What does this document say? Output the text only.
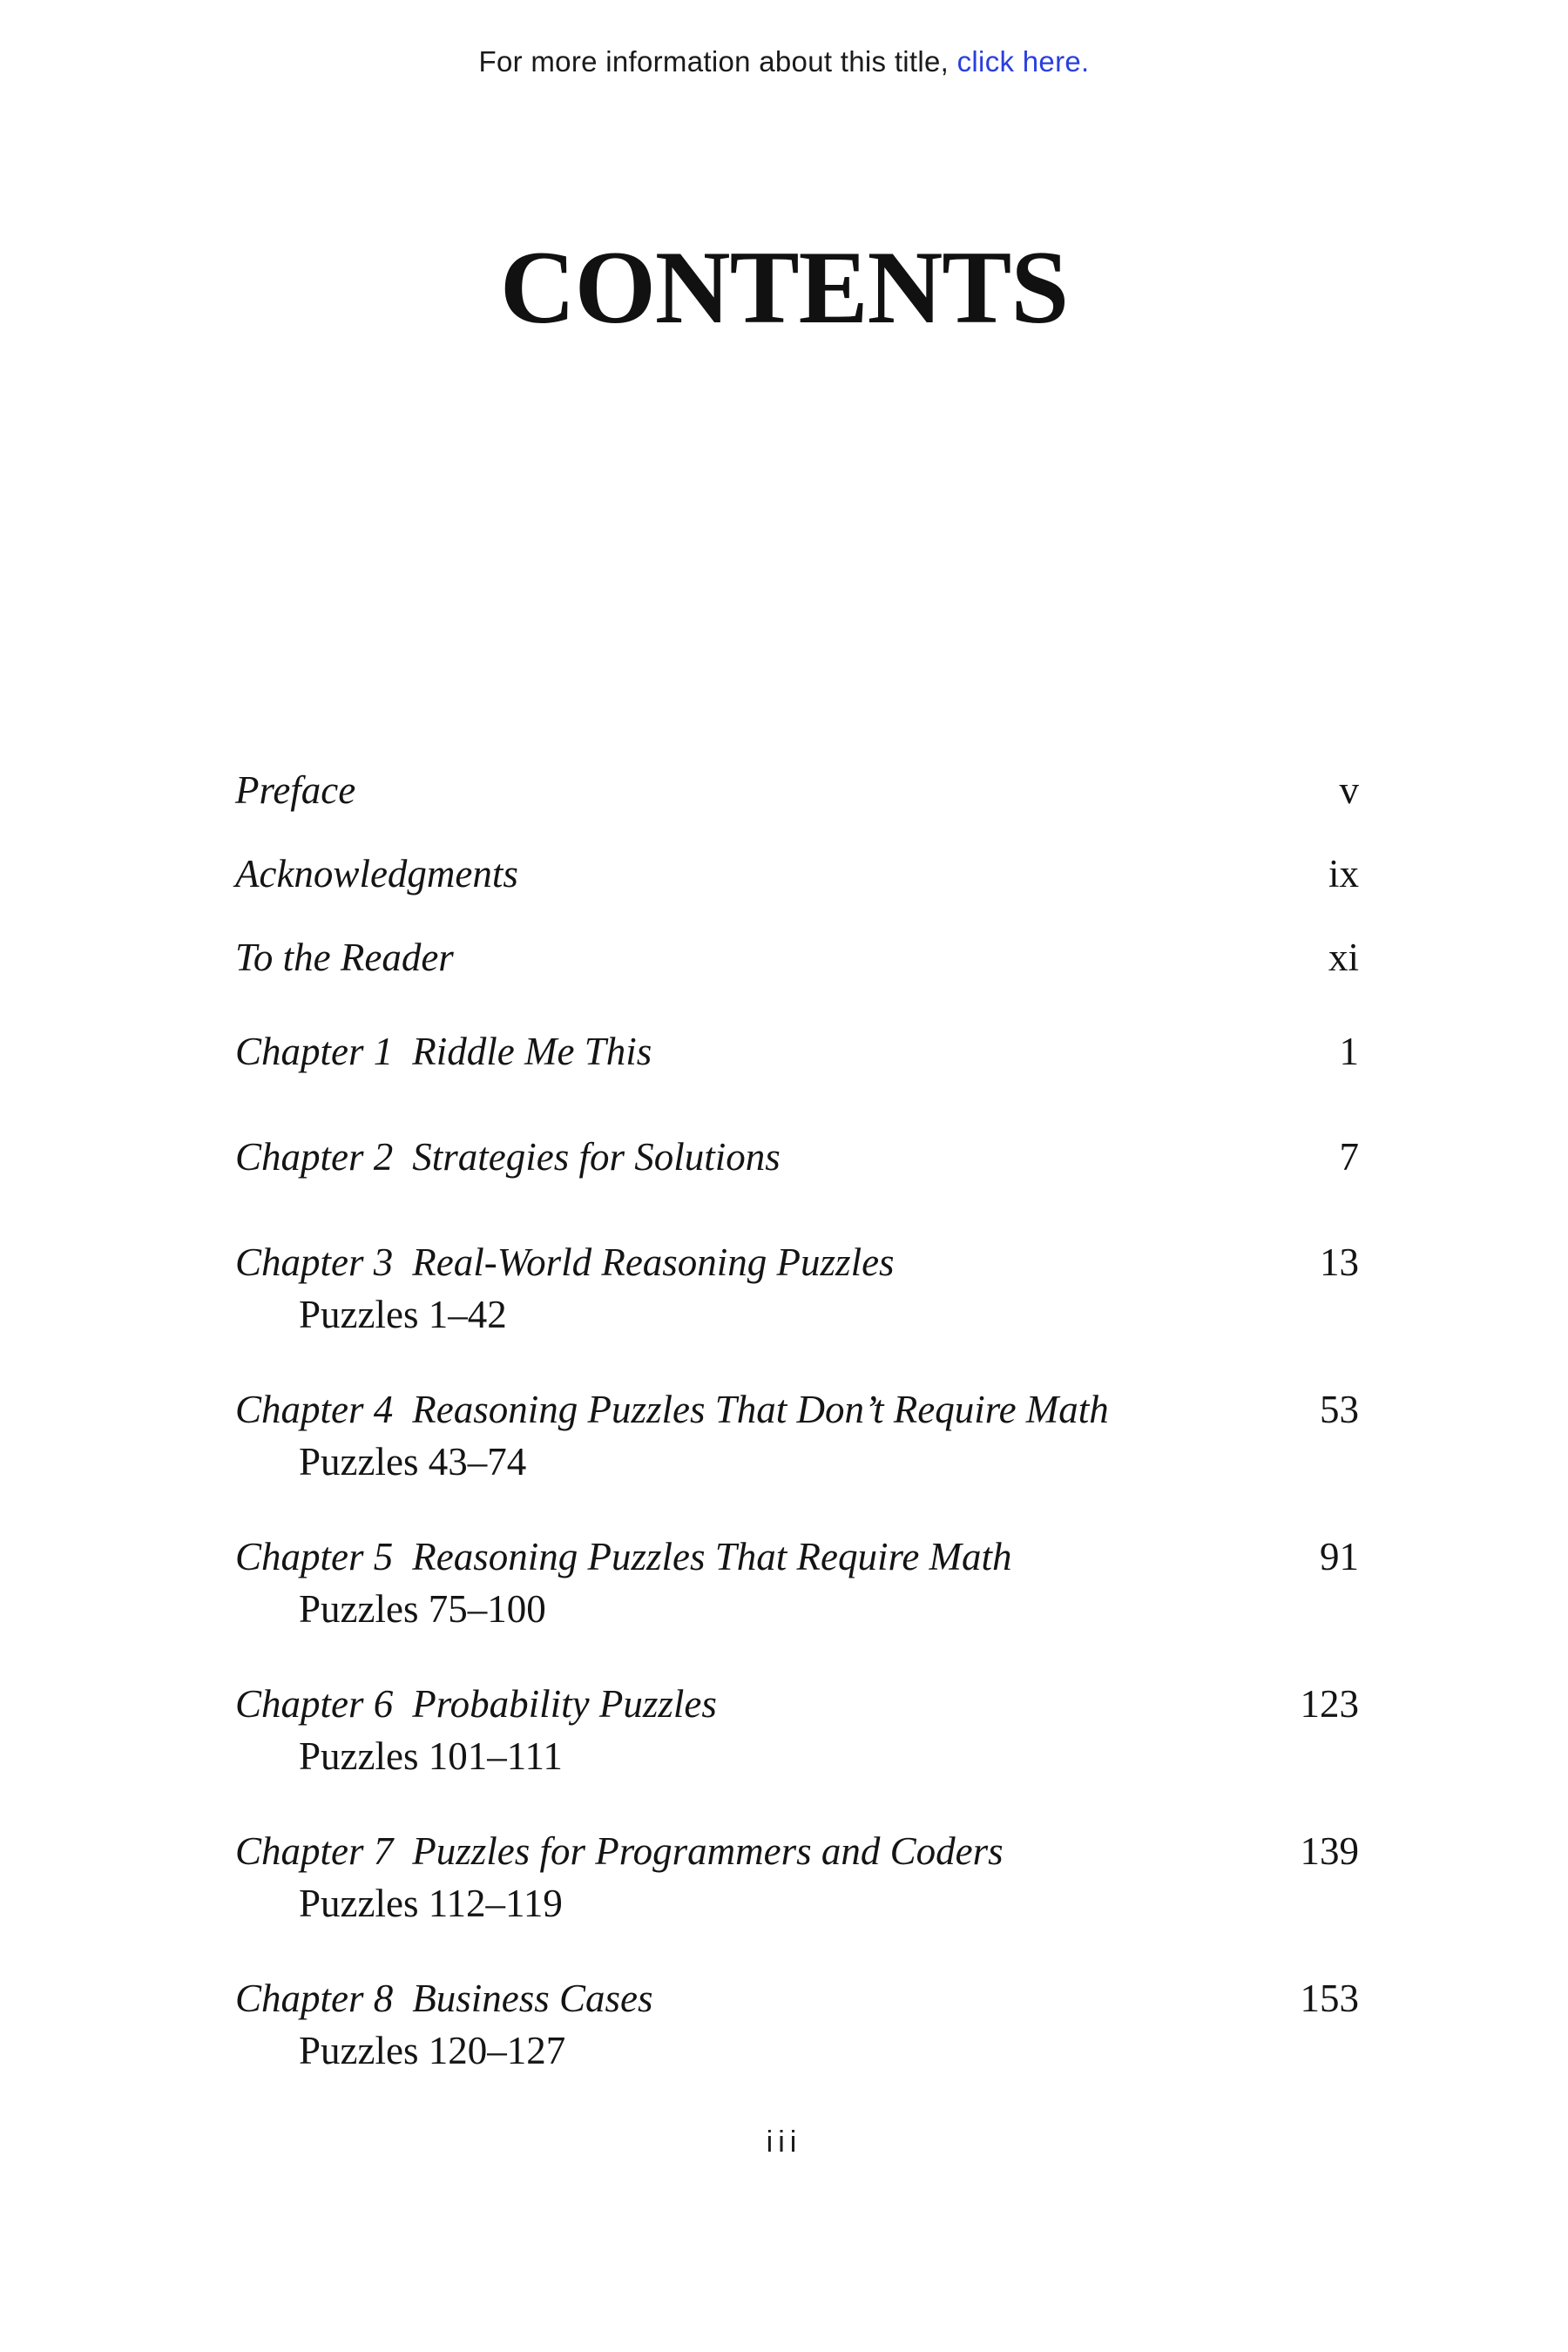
For more information about this title, click here.
CONTENTS
Preface	v
Acknowledgments	ix
To the Reader	xi
Chapter 1 Riddle Me This	1
Chapter 2 Strategies for Solutions	7
Chapter 3 Real-World Reasoning Puzzles	13
Puzzles 1–42
Chapter 4 Reasoning Puzzles That Don’t Require Math	53
Puzzles 43–74
Chapter 5 Reasoning Puzzles That Require Math	91
Puzzles 75–100
Chapter 6 Probability Puzzles	123
Puzzles 101–111
Chapter 7 Puzzles for Programmers and Coders	139
Puzzles 112–119
Chapter 8 Business Cases	153
Puzzles 120–127
iii
